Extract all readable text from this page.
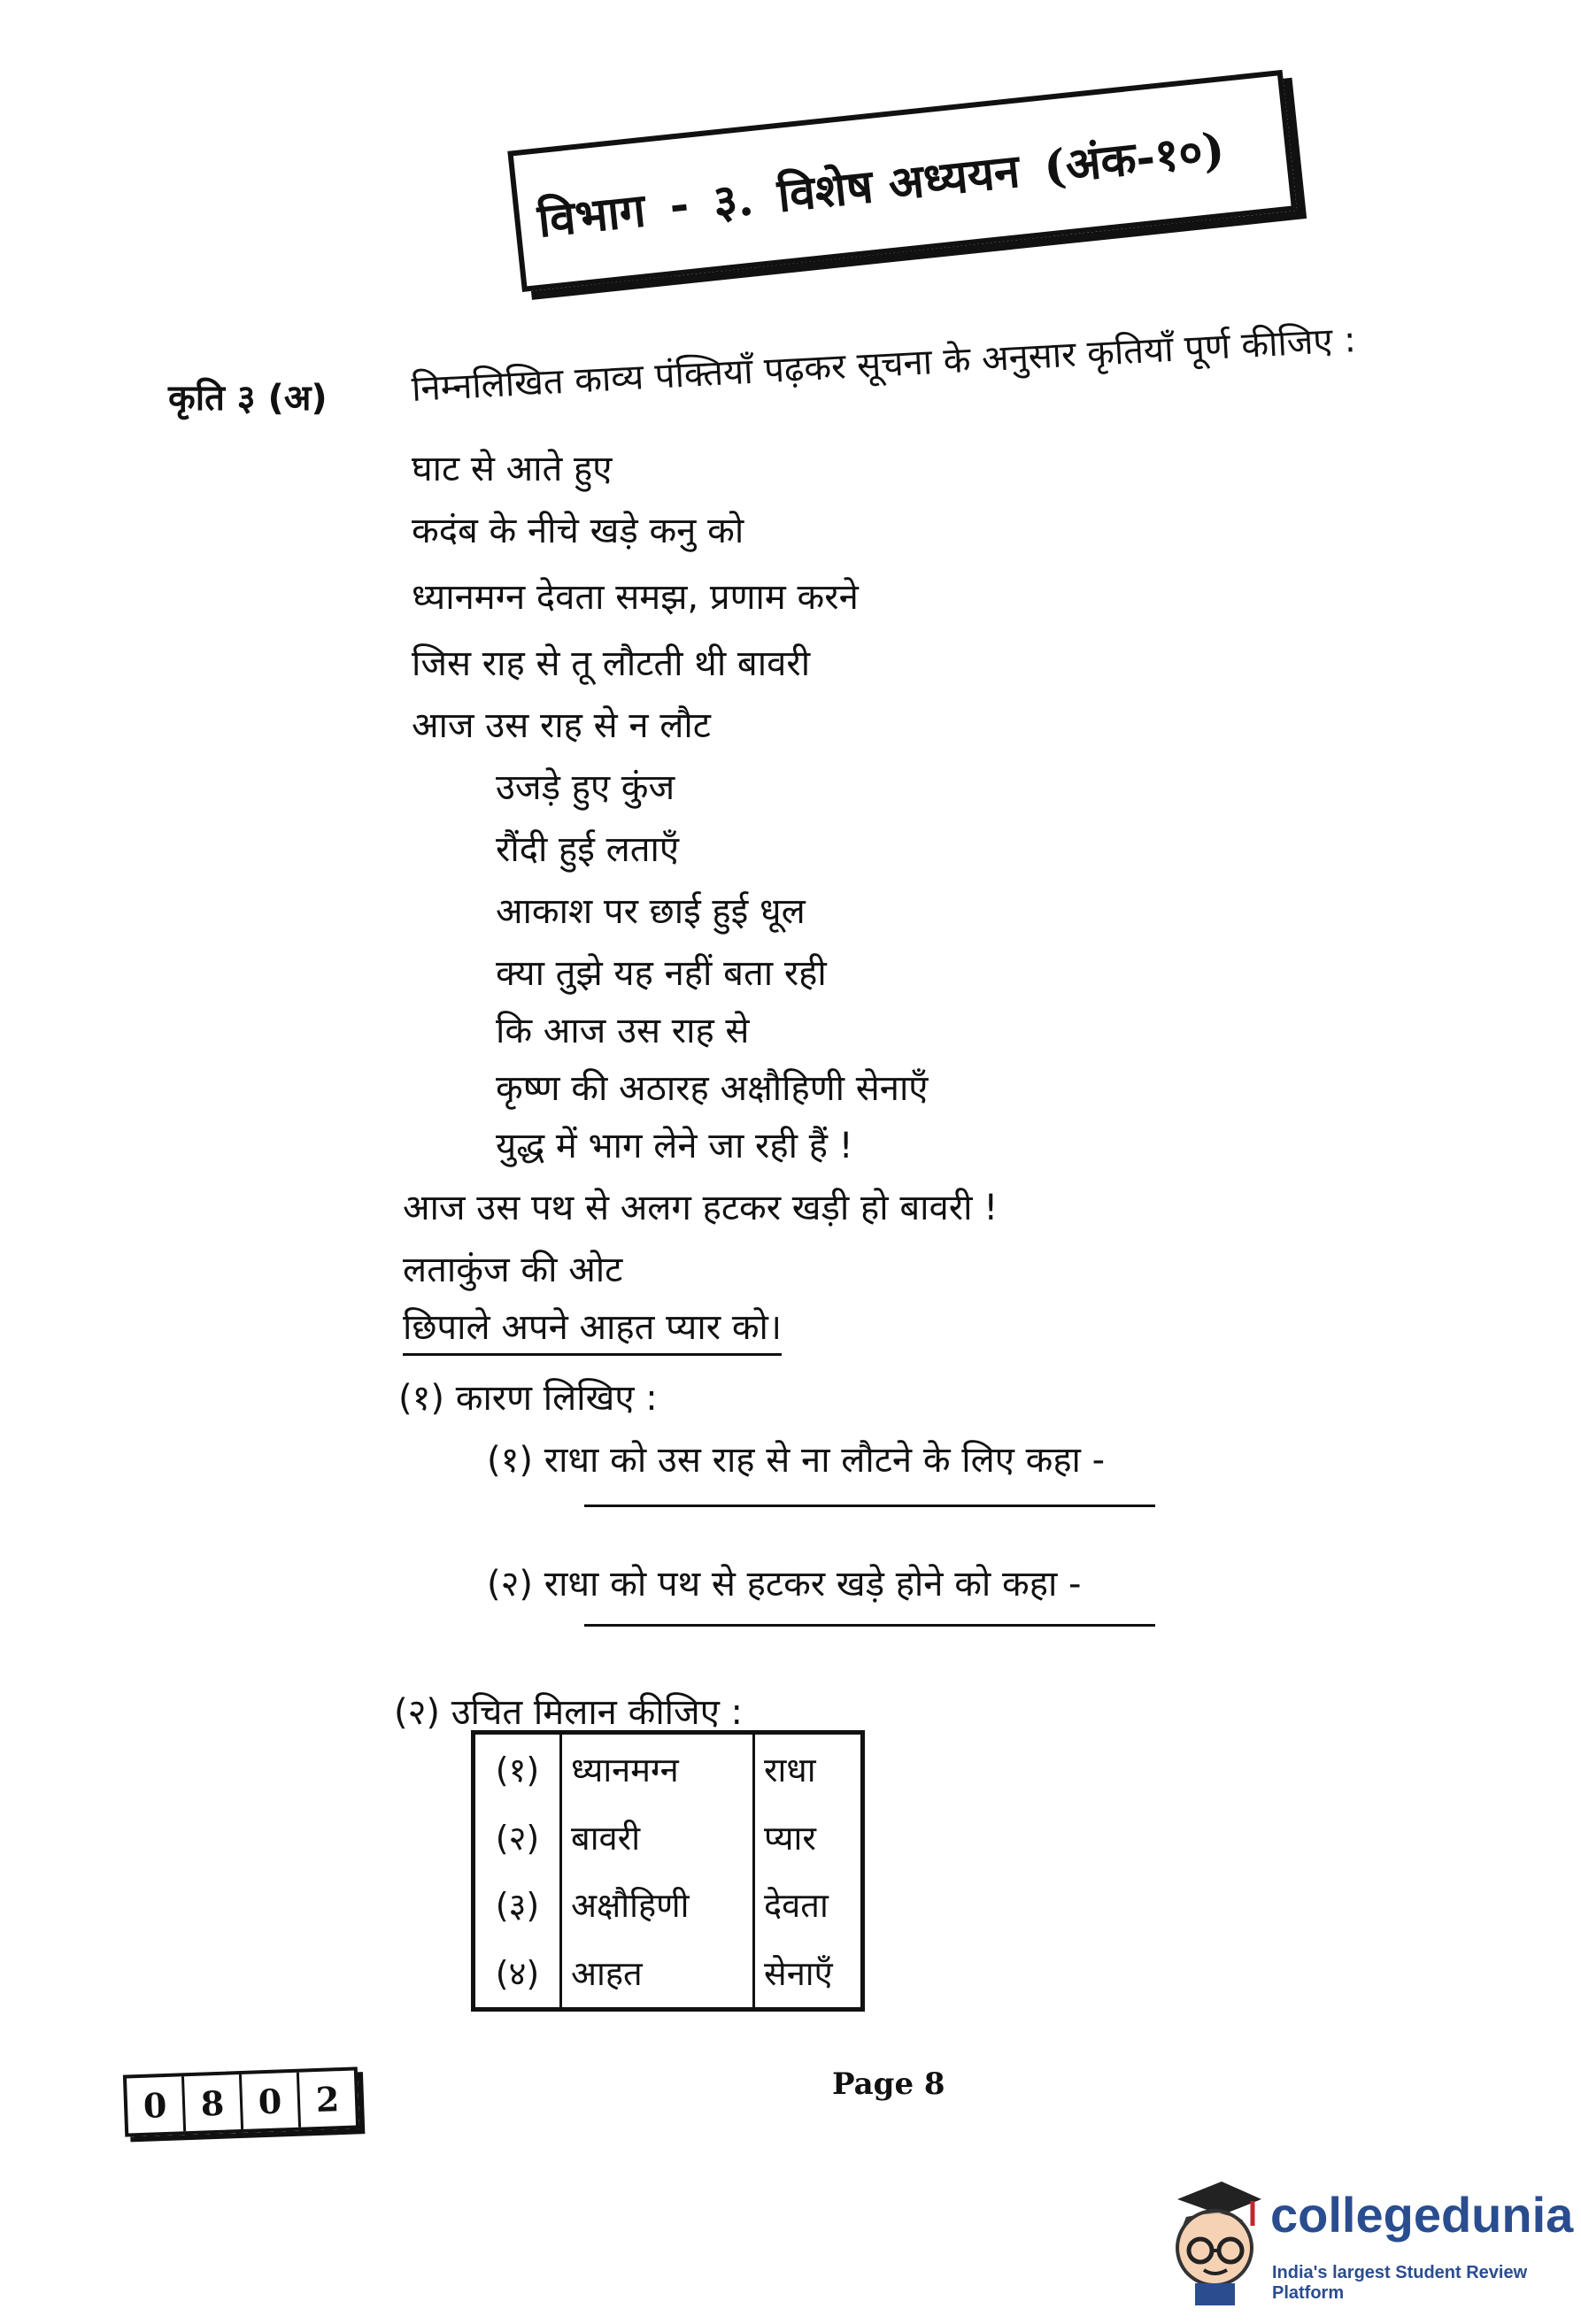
विभाग - ३. विशेष अध्ययन (अंक-१०)
कृति ३ (अ) निम्नलिखित काव्य पंक्तियाँ पढ़कर सूचना के अनुसार कृतियाँ पूर्ण कीजिए :
घाट से आते हुए
कदंब के नीचे खड़े कनु को
ध्यानमग्न देवता समझ, प्रणाम करने
जिस राह से तू लौटती थी बावरी
आज उस राह से न लौट
उजड़े हुए कुंज
रौंदी हुई लताएँ
आकाश पर छाई हुई धूल
क्या तुझे यह नहीं बता रही
कि आज उस राह से
कृष्ण की अठारह अक्षौहिणी सेनाएँ
युद्ध में भाग लेने जा रही हैं !
आज उस पथ से अलग हटकर खड़ी हो बावरी !
लताकुंज की ओट
छिपाले अपने आहत प्यार को।
(१) कारण लिखिए :
(१) राधा को उस राह से ना लौटने के लिए कहा -
(२) राधा को पथ से हटकर खड़े होने को कहा -
(२) उचित मिलान कीजिए :
(१)	ध्यानमग्न	राधा
(२)	बावरी	प्यार
(३)	अक्षौहिणी	देवता
(४)	आहत	सेनाएँ
0 8 0 2	Page 8
collegedunia
India's largest Student Review Platform
